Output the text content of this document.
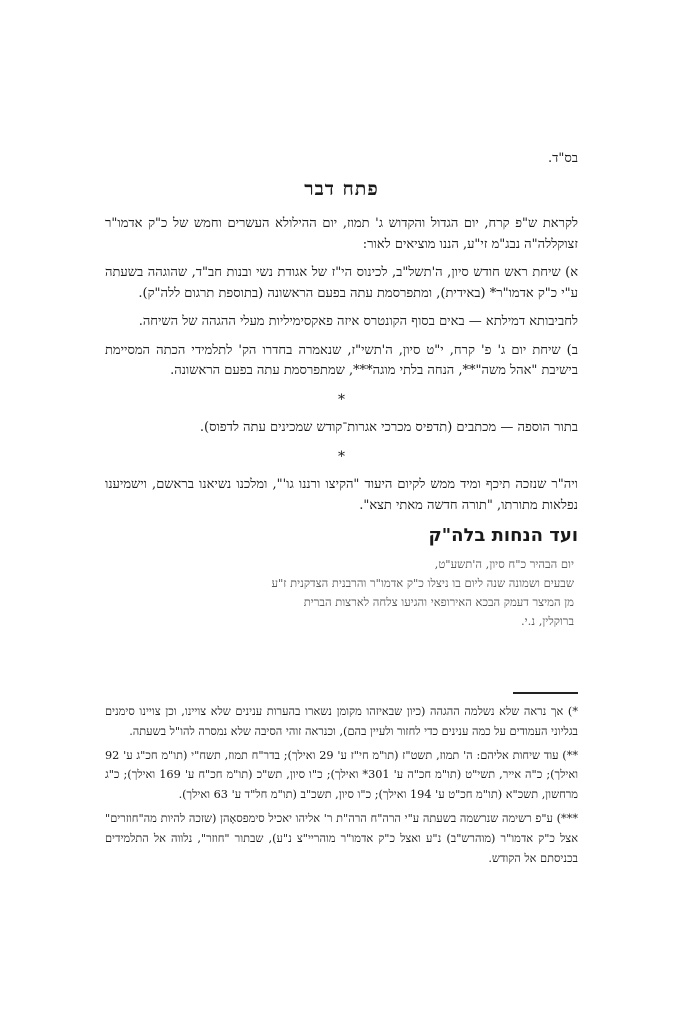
בס"ד.
פתח דבר

לקראת ש"פ קרח, יום הגדול והקדוש ג' תמוז, יום ההילולא העשרים וחמש של כ"ק אדמו"ר זצוקללה"ה נבג"מ זי"ע, הננו מוציאים לאור:

א) שיחת ראש חודש סיון, ה'תשל"ב, לכינוס הי"ז של אגודת נשי ובנות חב"ד, שהוגהה בשעתה ע"י כ"ק אדמו"ר* (באידית), ומתפרסמת עתה בפעם הראשונה (בתוספת תרגום ללה"ק).

לחביבותא דמילתא — באים בסוף הקונטרס איזה פאקסימיליות מעלי ההגהה של השיחה.

ב) שיחת יום ג' פ' קרח, י"ט סיון, ה'תשי"ז, שנאמרה בחדרו הק' לתלמידי הכתה המסיימת בישיבת "אהל משה"**, הנחה בלתי מוגה***, שמתפרסמת עתה בפעם הראשונה.

*

בתור הוספה — מכתבים (תדפיס מכרכי אגרות־קודש שמכינים עתה לדפוס).

*

ויה"ר שנזכה תיכף ומיד ממש לקיום היעוד "הקיצו ורננו גו'", ומלכנו נשיאנו בראשם, וישמיענו נפלאות מתורתו, "תורה חדשה מאתי תצא".

ועד הנחות בלה"ק
יום הבהיר כ"ח סיון, ה'תשע"ט,
שבעים ושמונה שנה ליום בו ניצלו כ"ק אדמו"ר והרבנית הצדקנית ז"ע
מן המיצר דעמק הבכא האירופאי והגיעו צלחה לארצות הברית
ברוקלין, נ.י.

*) אך נראה שלא נשלמה ההגהה (כיון שבאיזהו מקומן נשארו בהערות ענינים שלא צויינו, וכן צויינו סימנים בגליוני העמודים על כמה ענינים כדי לחזור ולעיין בהם), וכנראה זוהי הסיבה שלא נמסרה להו"ל בשעתה.

**) עוד שיחות אליהם: ה' תמוז, תשט"ז (תו"מ חי"ז ע' 29 ואילך); בדר"ח תמוז, תשח"י (תו"מ חכ"ג ע' 92 ואילך); כ"ה אייר, תשי"ט (תו"מ חכ"ה ע' 301* ואילך); כ"ו סיון, תש"כ (תו"מ חכ"ח ע' 169 ואילך); כ"ג מרחשון, תשכ"א (תו"מ חכ"ט ע' 194 ואילך); כ"ו סיון, תשכ"ב (תו"מ חל"ד ע' 63 ואילך).

***) ע"פ רשימה שנרשמה בשעתה ע"י הרה"ח הרה"ת ר' אליהו יאכיל סימפסאָהן (שזכה להיות מה"חוזרים" אצל כ"ק אדמו"ר (מוהרש"ב) נ"ע ואצל כ"ק אדמו"ר מוהריי"צ נ"ע), שבתור "חוזר", נלווה אל התלמידים בכניסתם אל הקודש.
